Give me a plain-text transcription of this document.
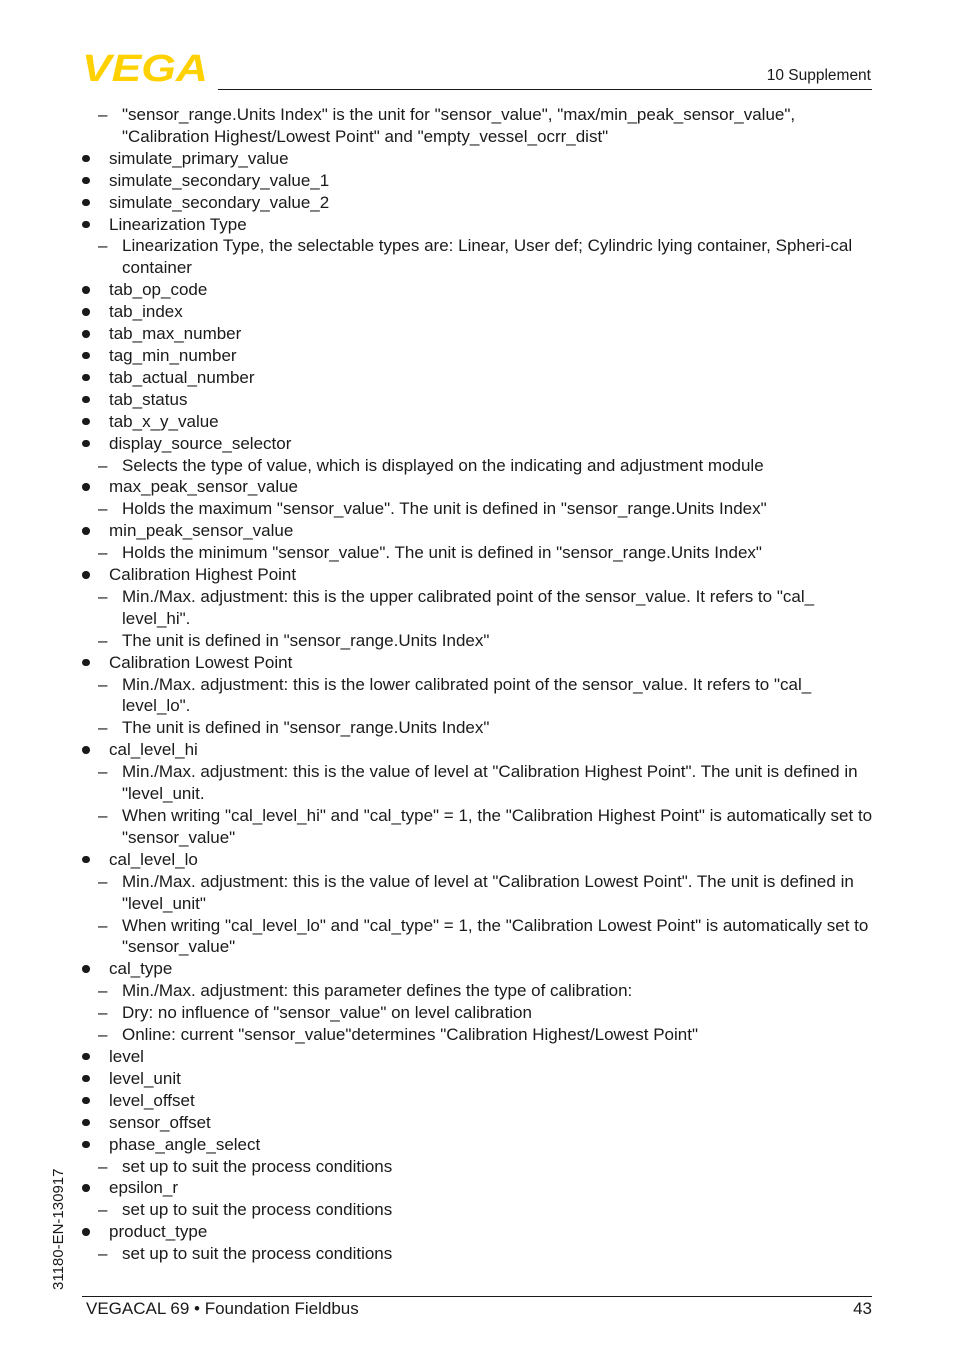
VEGA	10 Supplement
– "sensor_range.Units Index" is the unit for "sensor_value", "max/min_peak_sensor_value", "Calibration Highest/Lowest Point" and "empty_vessel_ocrr_dist"
simulate_primary_value
simulate_secondary_value_1
simulate_secondary_value_2
Linearization Type
– Linearization Type, the selectable types are: Linear, User def; Cylindric lying container, Spheri-cal container
tab_op_code
tab_index
tab_max_number
tag_min_number
tab_actual_number
tab_status
tab_x_y_value
display_source_selector
– Selects the type of value, which is displayed on the indicating and adjustment module
max_peak_sensor_value
– Holds the maximum "sensor_value". The unit is defined in "sensor_range.Units Index"
min_peak_sensor_value
– Holds the minimum "sensor_value". The unit is defined in "sensor_range.Units Index"
Calibration Highest Point
– Min./Max. adjustment: this is the upper calibrated point of the sensor_value. It refers to "cal_ level_hi".
– The unit is defined in "sensor_range.Units Index"
Calibration Lowest Point
– Min./Max. adjustment: this is the lower calibrated point of the sensor_value. It refers to "cal_ level_lo".
– The unit is defined in "sensor_range.Units Index"
cal_level_hi
– Min./Max. adjustment: this is the value of level at "Calibration Highest Point". The unit is defined in "level_unit.
– When writing "cal_level_hi" and "cal_type" = 1, the "Calibration Highest Point" is automatically set to "sensor_value"
cal_level_lo
– Min./Max. adjustment: this is the value of level at "Calibration Lowest Point". The unit is defined in "level_unit"
– When writing "cal_level_lo" and "cal_type" = 1, the "Calibration Lowest Point" is automatically set to "sensor_value"
cal_type
– Min./Max. adjustment: this parameter defines the type of calibration:
– Dry: no influence of "sensor_value" on level calibration
– Online: current "sensor_value"determines "Calibration Highest/Lowest Point"
level
level_unit
level_offset
sensor_offset
phase_angle_select
– set up to suit the process conditions
epsilon_r
– set up to suit the process conditions
product_type
– set up to suit the process conditions
31180-EN-130917
VEGACAL 69 • Foundation Fieldbus	43
